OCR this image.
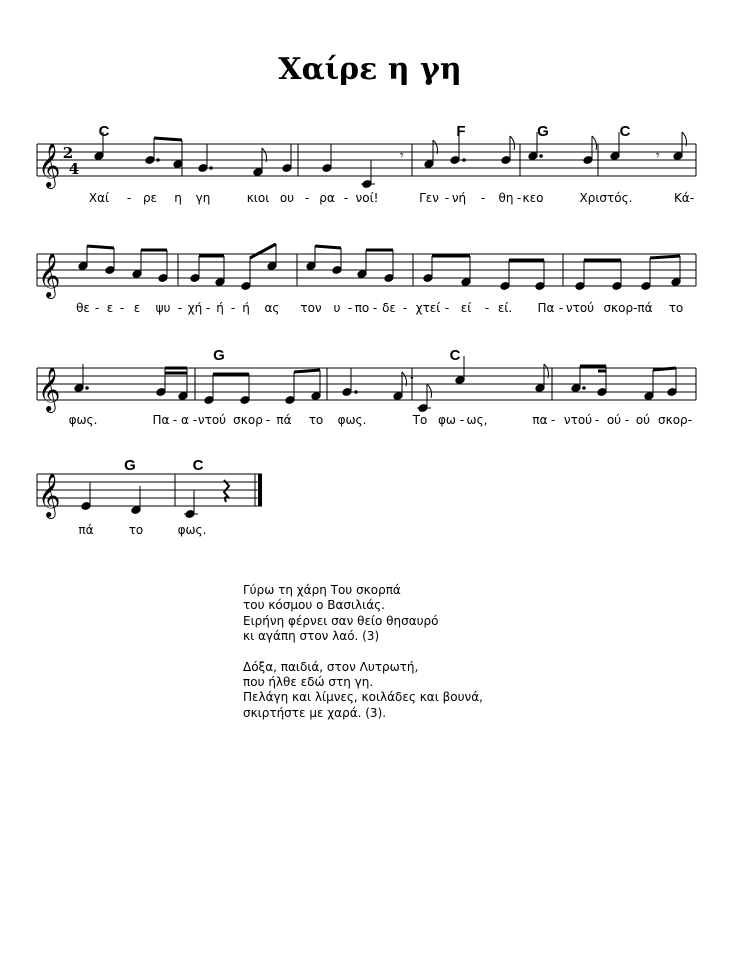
Χαίρε η γη
𝄞 2
4
𝄾	𝄾
C	F	G	C
Χαί - ρε η γη	κιοι ου - ρα - νοί!	Γεν - νή - θη - κεο	Χριστός.	Κά-
𝄞
θε - ε - ε ψυ - χή - ή - ή ας τον υ - πο - δε - χτεί - εί - εί. Πα - ντού σκορ-πά το
𝄞	𝄾
G	C
φως.	Πα - α - ντού σκορ - πά το φως.	Το φω - ως,	πα - ντού - ού - ού σκορ-
𝄞
G	C
πά	το	φως.
Γύρω τη χάρη Του σκορπά
του κόσμου ο Βασιλιάς.
Ειρήνη φέρνει σαν θείο θησαυρό
κι αγάπη στον λαό. (3)
Δόξα, παιδιά, στον Λυτρωτή,
που ήλθε εδώ στη γη.
Πελάγη και λίμνες, κοιλάδες και βουνά,
σκιρτήστε με χαρά. (3).
